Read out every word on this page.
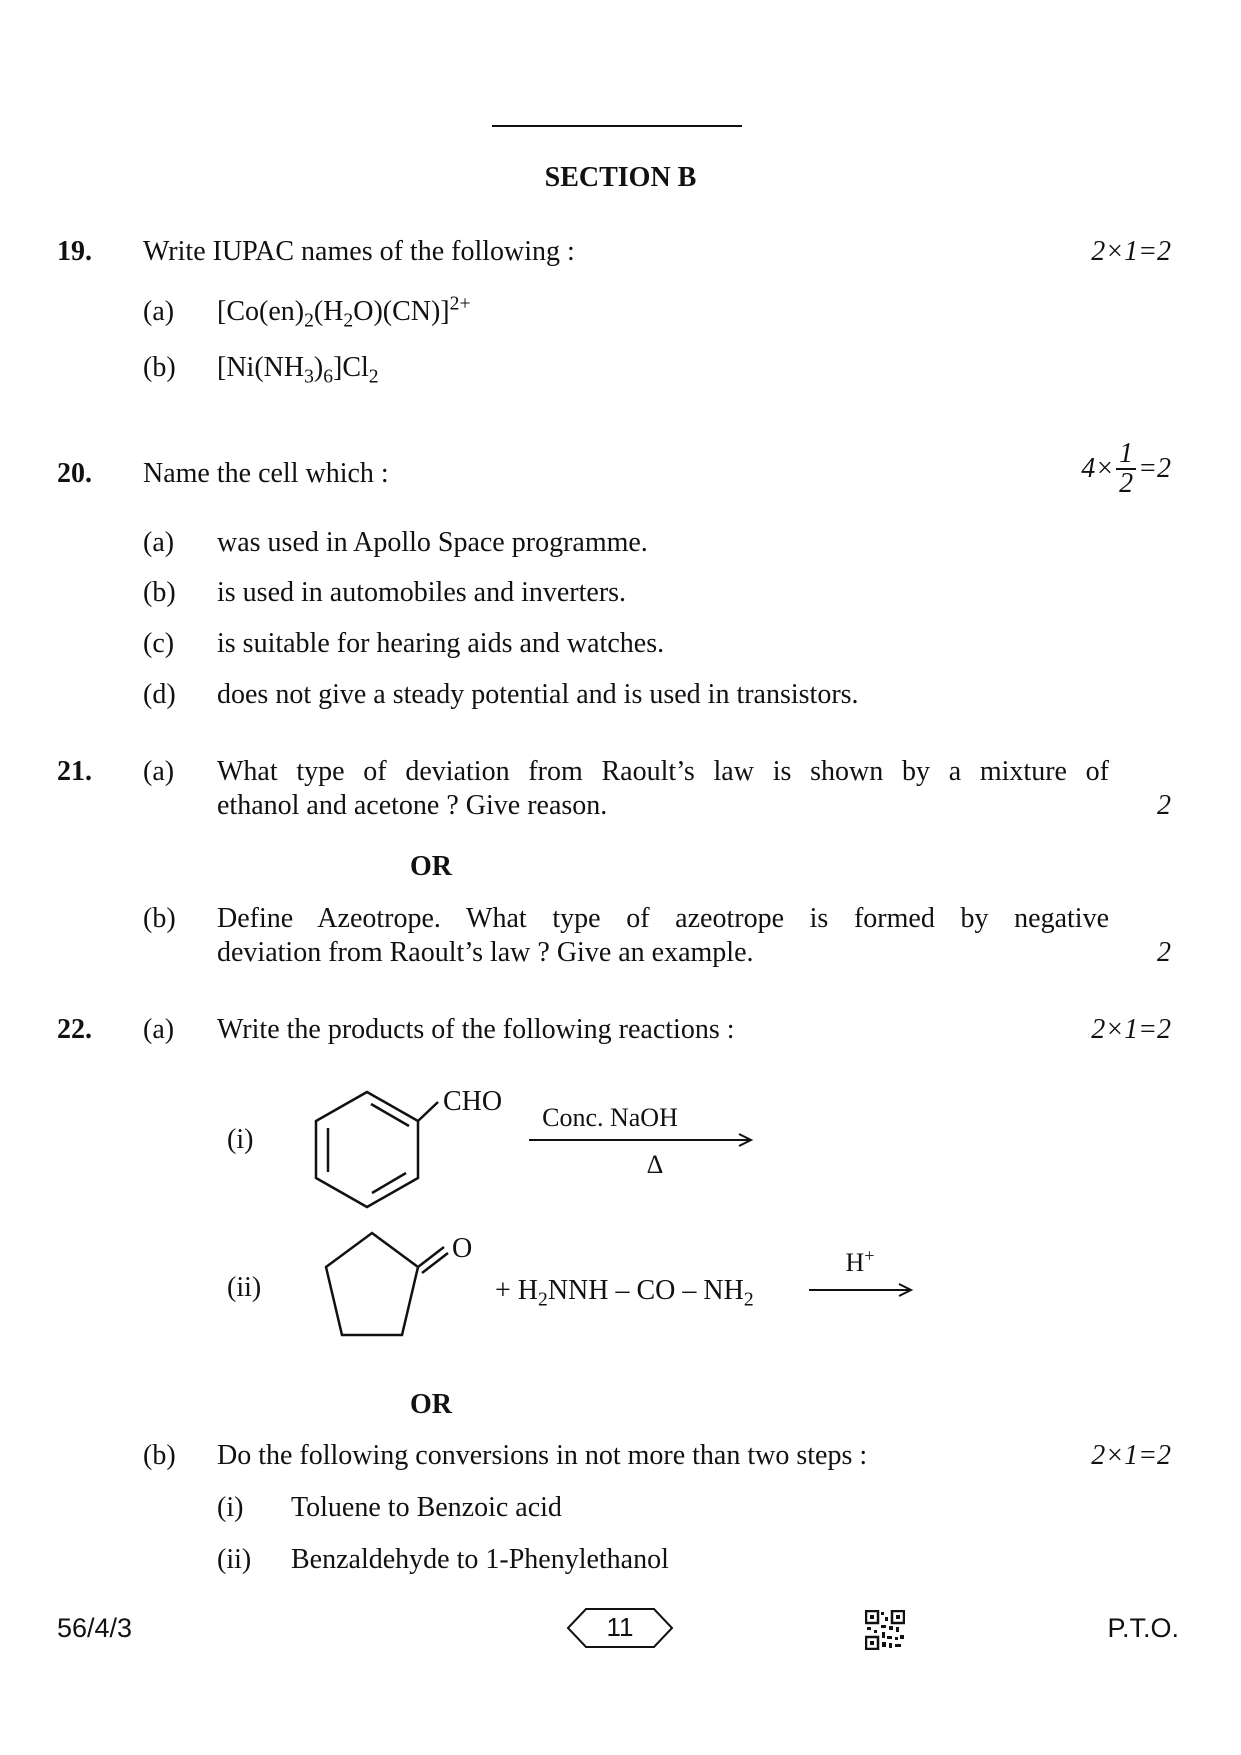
SECTION B
19. Write IUPAC names of the following :	2×1=2
(a) $[Co(en)_2(H_2O)(CN)]^{2+}$
(b) $[Ni(NH_3)_6]Cl_2$
20. Name the cell which :	$4\times \frac{1}{2} =2$
(a) was used in Apollo Space programme.
(b) is used in automobiles and inverters.
(c) is suitable for hearing aids and watches.
(d) does not give a steady potential and is used in transistors.
21. (a) What type of deviation from Raoult’s law is shown by a mixture of
ethanol and acetone ? Give reason.	2
OR
(b) Define Azeotrope. What type of azeotrope is formed by negative
deviation from Raoult’s law ? Give an example.	2
22. (a) Write the products of the following reactions :	2×1=2
(i)
CHO
Conc. NaOH
Δ
(ii)
O
+ $H_2NNH$ – CO – $NH_2$
H+
OR
(b) Do the following conversions in not more than two steps :	2×1=2
(i) Toluene to Benzoic acid
(ii) Benzaldehyde to 1-Phenylethanol
56/4/3	11	P.T.O.
